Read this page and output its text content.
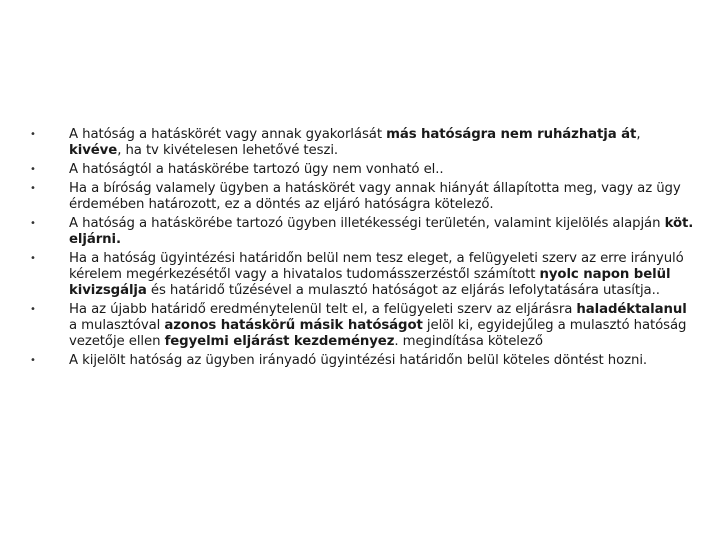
•	A hatóság a hatáskörét vagy annak gyakorlását más hatóságra nem ruházhatja át, kivéve, ha tv kivételesen lehetővé teszi.
•	A hatóságtól a hatáskörébe tartozó ügy nem vonható el..
•	Ha a bíróság valamely ügyben a hatáskörét vagy annak hiányát állapította meg, vagy az ügy érdemében határozott, ez a döntés az eljáró hatóságra kötelező.
•	A hatóság a hatáskörébe tartozó ügyben illetékességi területén, valamint kijelölés alapján köt. eljárni.
•	Ha a hatóság ügyintézési határidőn belül nem tesz eleget, a felügyeleti szerv az erre irányuló kérelem megérkezésétől vagy a hivatalos tudomásszerzéstől számított nyolc napon belül kivizsgálja és határidő tűzésével a mulasztó hatóságot az eljárás lefolytatására utasítja..
•	Ha az újabb határidő eredménytelenül telt el, a felügyeleti szerv az eljárásra haladéktalanul a mulasztóval azonos hatáskörű másik hatóságot jelöl ki, egyidejűleg a mulasztó hatóság vezetője ellen fegyelmi eljárást kezdeményez. megindítása kötelező
•	A kijelölt hatóság az ügyben irányadó ügyintézési határidőn belül köteles döntést hozni.
